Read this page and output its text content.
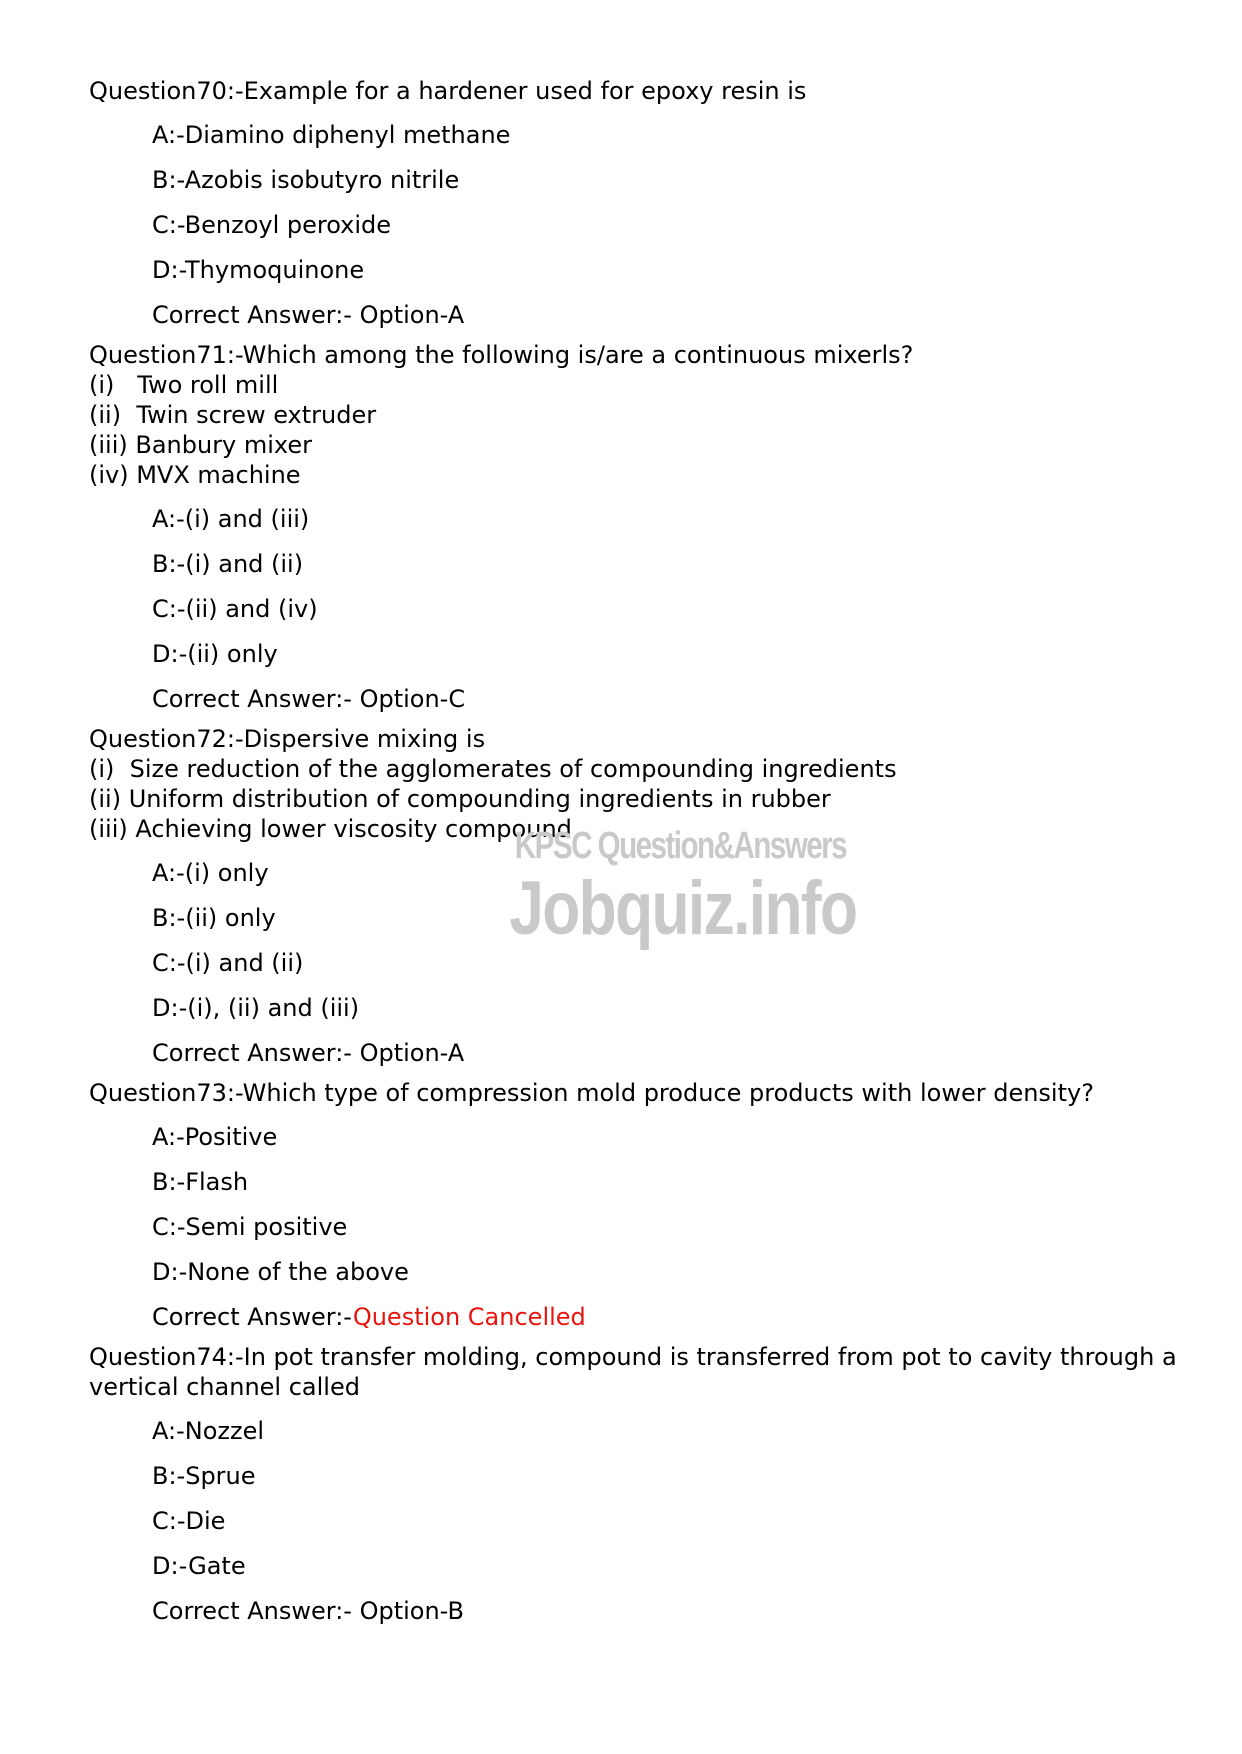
Question70:-Example for a hardener used for epoxy resin is

A:-Diamino diphenyl methane
B:-Azobis isobutyro nitrile
C:-Benzoyl peroxide
D:-Thymoquinone
Correct Answer:- Option-A

Question71:-Which among the following is/are a continuous mixerls?

(i)   Two roll mill

(ii)  Twin screw extruder

(iii) Banbury mixer

(iv) MVX machine

A:-(i) and (iii)
B:-(i) and (ii)
C:-(ii) and (iv)
D:-(ii) only
Correct Answer:- Option-C

Question72:-Dispersive mixing is

(i)  Size reduction of the agglomerates of compounding ingredients

(ii) Uniform distribution of compounding ingredients in rubber

(iii) Achieving lower viscosity compound

A:-(i) only
B:-(ii) only
C:-(i) and (ii)
D:-(i), (ii) and (iii)
Correct Answer:- Option-A

Question73:-Which type of compression mold produce products with lower density?

A:-Positive
B:-Flash
C:-Semi positive
D:-None of the above
Correct Answer:-Question Cancelled

Question74:-In pot transfer molding, compound is transferred from pot to cavity through a vertical channel called

A:-Nozzel
B:-Sprue
C:-Die
D:-Gate
Correct Answer:- Option-B
KPSC Question&Answers
Jobquiz.info
